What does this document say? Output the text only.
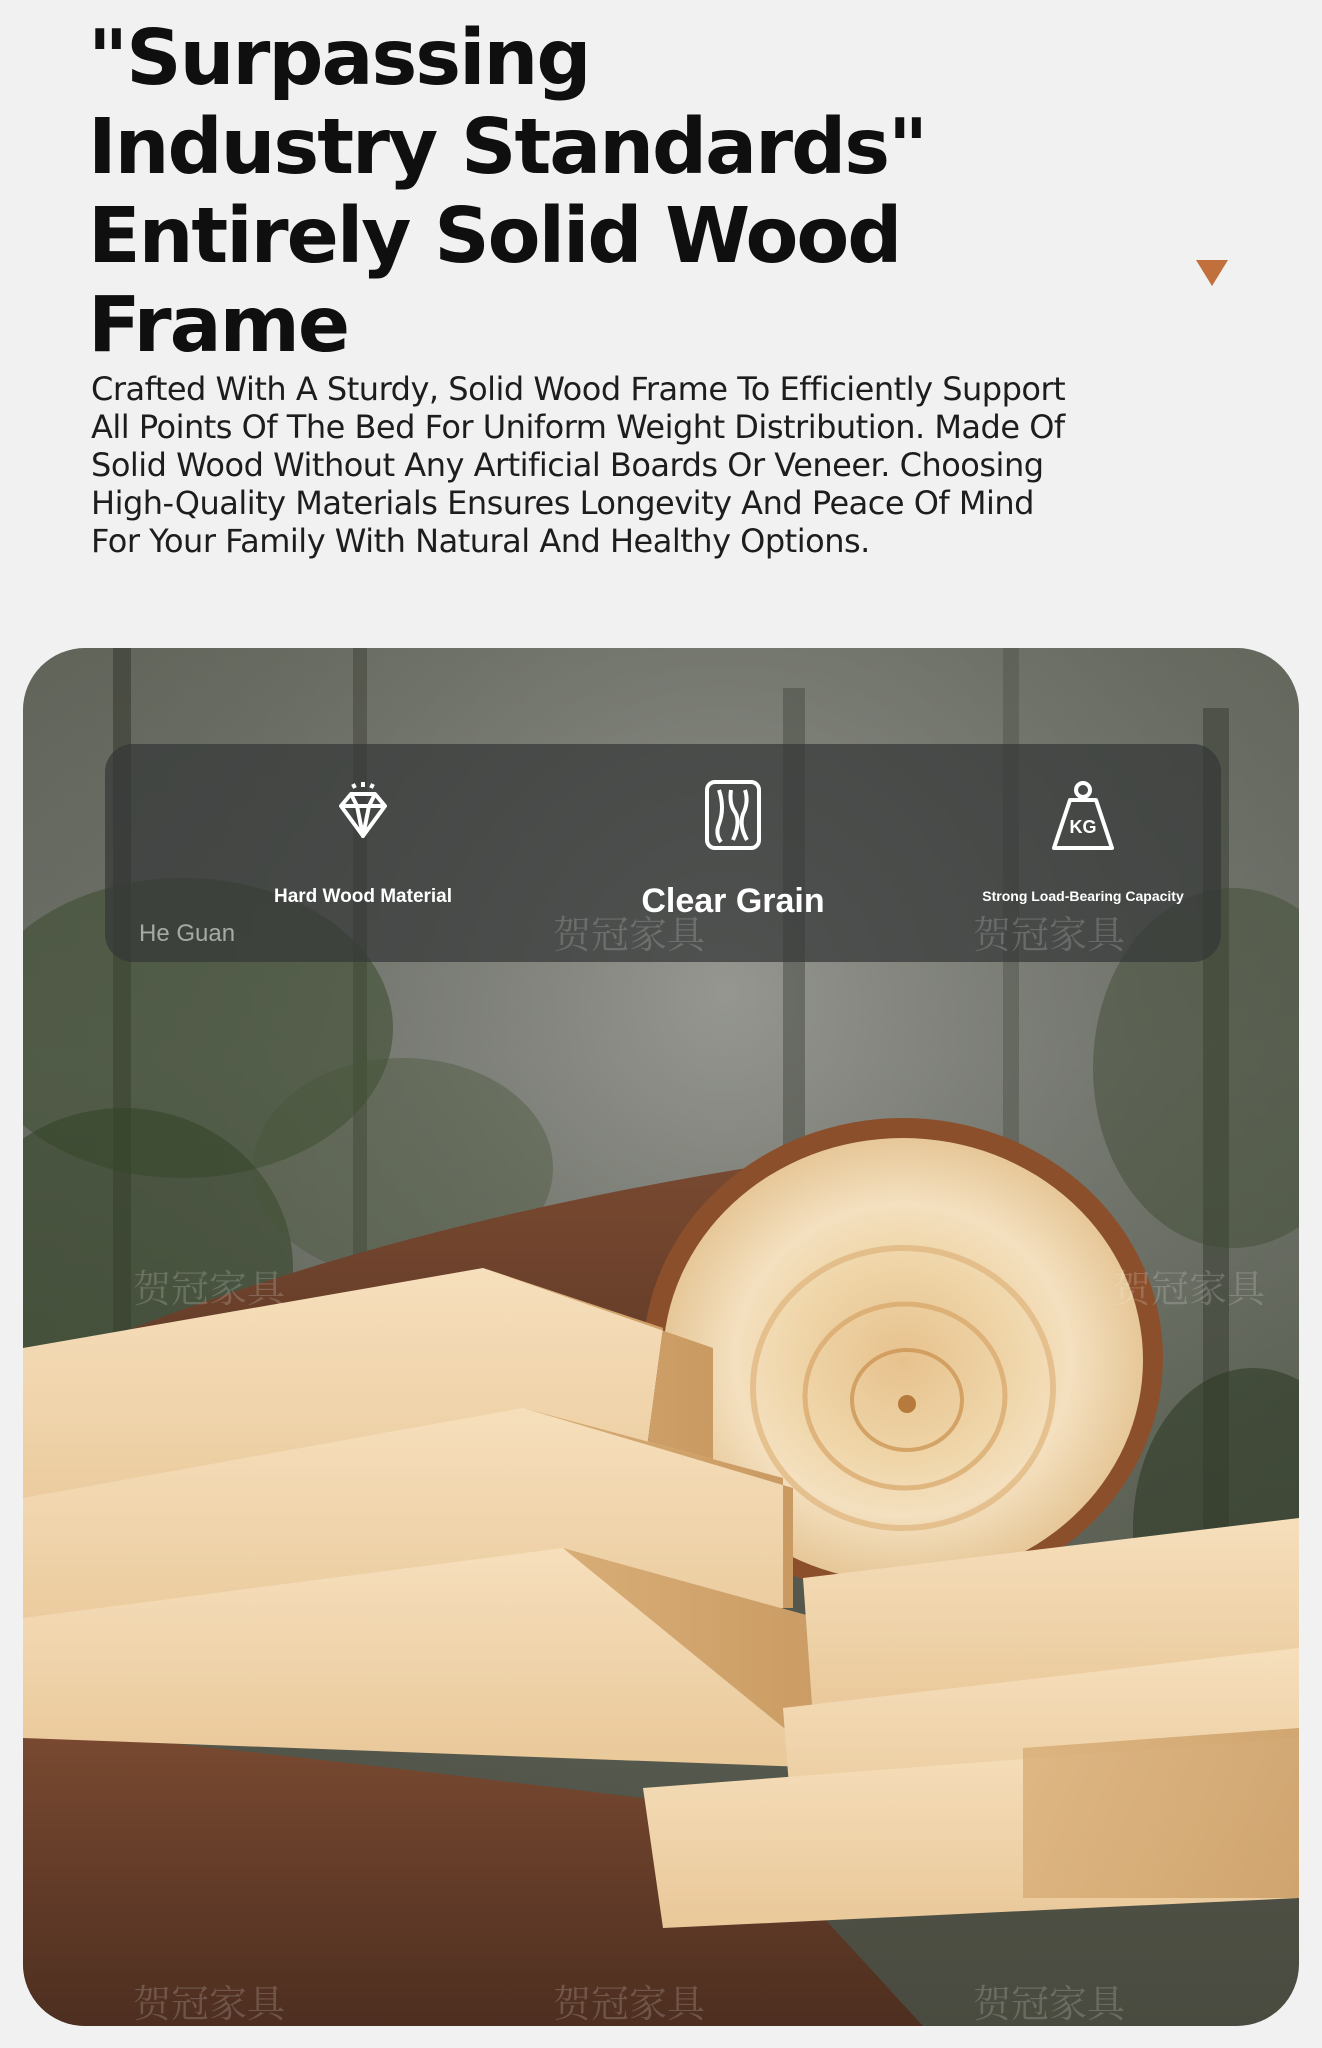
"Surpassing
Industry Standards"
Entirely Solid Wood
Frame
Crafted With A Sturdy, Solid Wood Frame To Efficiently Support
All Points Of The Bed For Uniform Weight Distribution. Made Of
Solid Wood Without Any Artificial Boards Or Veneer. Choosing
High-Quality Materials Ensures Longevity And Peace Of Mind
For Your Family With Natural And Healthy Options.
Hard Wood Material	Clear Grain
KG
Strong Load-Bearing Capacity
He Guan	贺冠家具	贺冠家具
贺冠家具	贺冠家具
贺冠家具	贺冠家具	贺冠家具
